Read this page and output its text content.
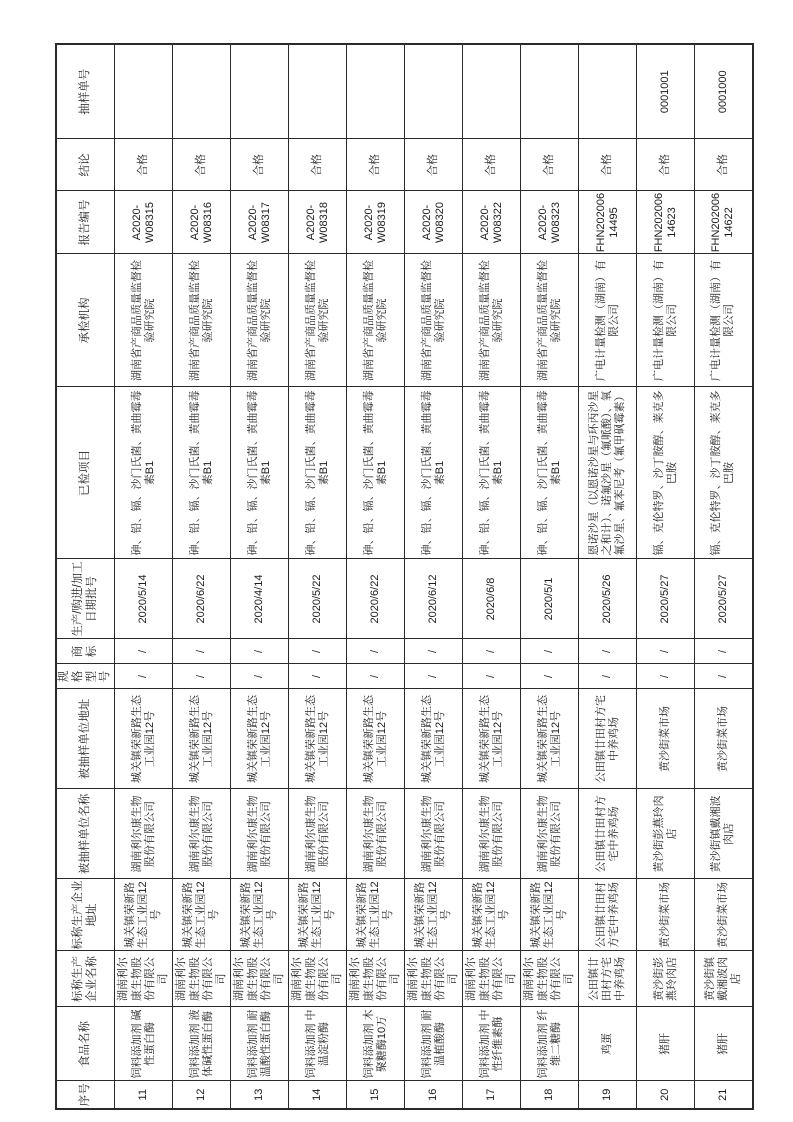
序号	食品名称	标称生产企业名称	标称生产企业地址	被抽样单位名称	被抽样单位地址	规格型号	商标	生产/购进/加工日期批号	已检项目	承检机构	报告编号	结论	抽样单号
11	饲料添加剂 碱性蛋白酶	湖南利尔康生物股份有限公司	城关镇荣新路生态工业园12号	湖南利尔康生物股份有限公司	城关镇荣新路生态工业园12号	/	/	2020/5/14	砷、铅、镉、沙门氏菌、黄曲霉毒素B1	湖南省产商品质量监督检验研究院	A2020-W08315	合格	
12	饲料添加剂 液体碱性蛋白酶	湖南利尔康生物股份有限公司	城关镇荣新路生态工业园12号	湖南利尔康生物股份有限公司	城关镇荣新路生态工业园12号	/	/	2020/6/22	砷、铅、镉、沙门氏菌、黄曲霉毒素B1	湖南省产商品质量监督检验研究院	A2020-W08316	合格	
13	饲料添加剂 耐温酸性蛋白酶	湖南利尔康生物股份有限公司	城关镇荣新路生态工业园12号	湖南利尔康生物股份有限公司	城关镇荣新路生态工业园12号	/	/	2020/4/14	砷、铅、镉、沙门氏菌、黄曲霉毒素B1	湖南省产商品质量监督检验研究院	A2020-W08317	合格	
14	饲料添加剂 中温淀粉酶	湖南利尔康生物股份有限公司	城关镇荣新路生态工业园12号	湖南利尔康生物股份有限公司	城关镇荣新路生态工业园12号	/	/	2020/5/22	砷、铅、镉、沙门氏菌、黄曲霉毒素B1	湖南省产商品质量监督检验研究院	A2020-W08318	合格	
15	饲料添加剂 木聚糖酶10万	湖南利尔康生物股份有限公司	城关镇荣新路生态工业园12号	湖南利尔康生物股份有限公司	城关镇荣新路生态工业园12号	/	/	2020/6/22	砷、铅、镉、沙门氏菌、黄曲霉毒素B1	湖南省产商品质量监督检验研究院	A2020-W08319	合格	
16	饲料添加剂 耐温植酸酶	湖南利尔康生物股份有限公司	城关镇荣新路生态工业园12号	湖南利尔康生物股份有限公司	城关镇荣新路生态工业园12号	/	/	2020/6/12	砷、铅、镉、沙门氏菌、黄曲霉毒素B1	湖南省产商品质量监督检验研究院	A2020-W08320	合格	
17	饲料添加剂 中性纤维素酶	湖南利尔康生物股份有限公司	城关镇荣新路生态工业园12号	湖南利尔康生物股份有限公司	城关镇荣新路生态工业园12号	/	/	2020/6/8	砷、铅、镉、沙门氏菌、黄曲霉毒素B1	湖南省产商品质量监督检验研究院	A2020-W08322	合格	
18	饲料添加剂 纤维二糖酶	湖南利尔康生物股份有限公司	城关镇荣新路生态工业园12号	湖南利尔康生物股份有限公司	城关镇荣新路生态工业园12号	/	/	2020/5/1	砷、铅、镉、沙门氏菌、黄曲霉毒素B1	湖南省产商品质量监督检验研究院	A2020-W08323	合格	
19	鸡蛋	公田镇廿田村方宅中养鸡场	公田镇廿田村方宅中养鸡场	公田镇廿田村方宅中养鸡场	公田镇廿田村方宅中养鸡场	/	/	2020/5/26	恩诺沙星（以恩诺沙星与环丙沙星之和计）、诺氟沙星（氟哌酸）、氧氟沙星、氟苯尼考（氟甲砜霉素）	广电计量检测（湖南）有限公司	FHN20200614495	合格	
20	猪肝	黄沙街彭燕玲肉店	黄沙街菜市场	黄沙街彭燕玲肉店	黄沙街菜市场	/	/	2020/5/27	镉、克伦特罗、沙丁胺醇、莱克多巴胺	广电计量检测（湖南）有限公司	FHN20200614623	合格	0001001
21	猪肝	黄沙街镇戴湘波肉店	黄沙街菜市场	黄沙街镇戴湘波肉店	黄沙街菜市场	/	/	2020/5/27	镉、克伦特罗、沙丁胺醇、莱克多巴胺	广电计量检测（湖南）有限公司	FHN20200614622	合格	0001000
